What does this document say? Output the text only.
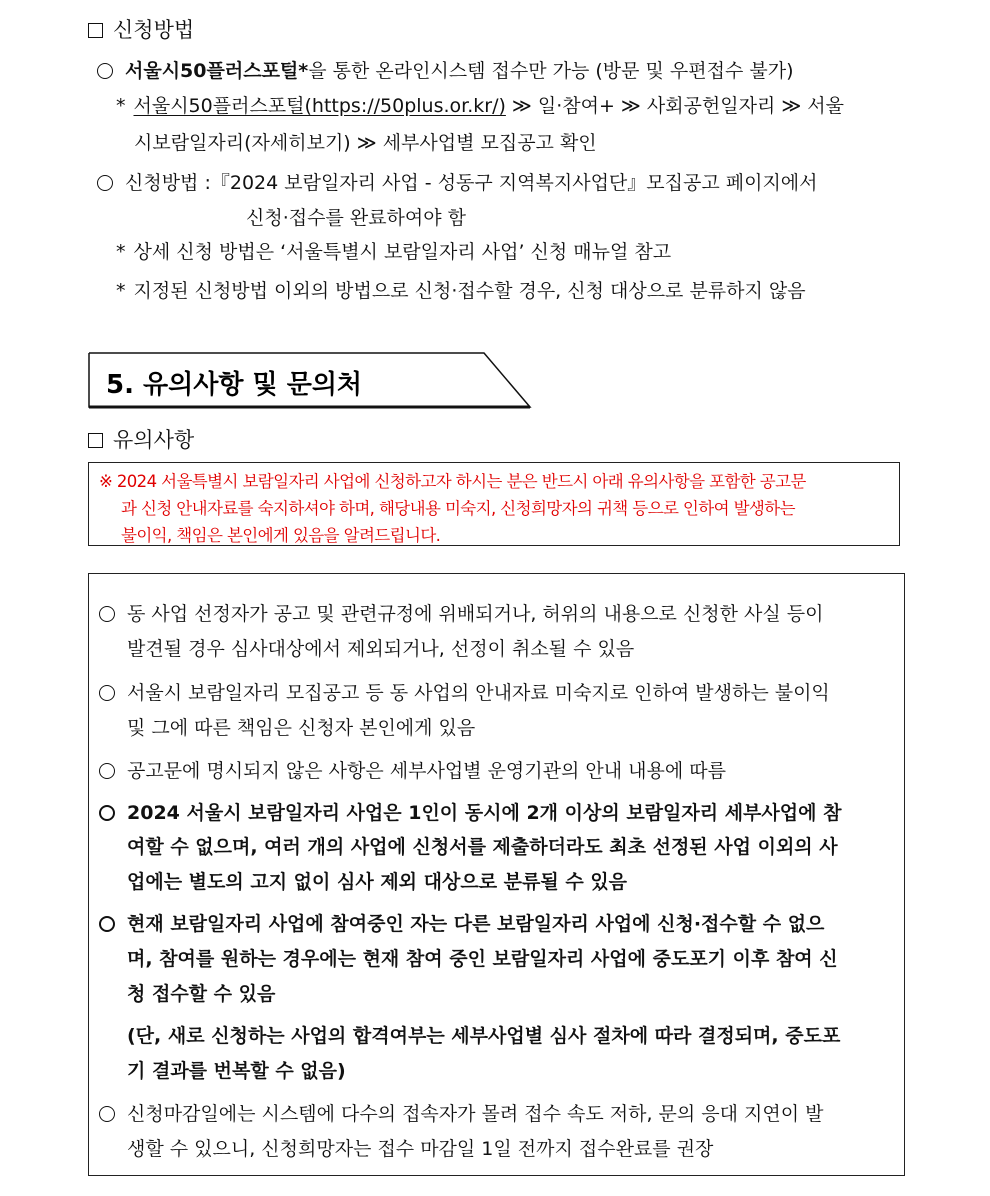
신청방법
서울시50플러스포털*을 통한 온라인시스템 접수만 가능 (방문 및 우편접수 불가)
* 서울시50플러스포털(https://50plus.or.kr/) ≫ 일·참여+ ≫ 사회공헌일자리 ≫ 서울
시보람일자리(자세히보기) ≫ 세부사업별 모집공고 확인
신청방법 :『2024 보람일자리 사업 - 성동구 지역복지사업단』모집공고 페이지에서
신청·접수를 완료하여야 함
* 상세 신청 방법은 ‘서울특별시 보람일자리 사업’ 신청 매뉴얼 참고
* 지정된 신청방법 이외의 방법으로 신청·접수할 경우, 신청 대상으로 분류하지 않음
5. 유의사항 및 문의처
유의사항
※ 2024 서울특별시 보람일자리 사업에 신청하고자 하시는 분은 반드시 아래 유의사항을 포함한 공고문
과 신청 안내자료를 숙지하셔야 하며, 해당내용 미숙지, 신청희망자의 귀책 등으로 인하여 발생하는
불이익, 책임은 본인에게 있음을 알려드립니다.
동 사업 선정자가 공고 및 관련규정에 위배되거나, 허위의 내용으로 신청한 사실 등이
발견될 경우 심사대상에서 제외되거나, 선정이 취소될 수 있음
서울시 보람일자리 모집공고 등 동 사업의 안내자료 미숙지로 인하여 발생하는 불이익
및 그에 따른 책임은 신청자 본인에게 있음
공고문에 명시되지 않은 사항은 세부사업별 운영기관의 안내 내용에 따름
2024 서울시 보람일자리 사업은 1인이 동시에 2개 이상의 보람일자리 세부사업에 참
여할 수 없으며, 여러 개의 사업에 신청서를 제출하더라도 최초 선정된 사업 이외의 사
업에는 별도의 고지 없이 심사 제외 대상으로 분류될 수 있음
현재 보람일자리 사업에 참여중인 자는 다른 보람일자리 사업에 신청·접수할 수 없으
며, 참여를 원하는 경우에는 현재 참여 중인 보람일자리 사업에 중도포기 이후 참여 신
청 접수할 수 있음
(단, 새로 신청하는 사업의 합격여부는 세부사업별 심사 절차에 따라 결정되며, 중도포
기 결과를 번복할 수 없음)
신청마감일에는 시스템에 다수의 접속자가 몰려 접수 속도 저하, 문의 응대 지연이 발
생할 수 있으니, 신청희망자는 접수 마감일 1일 전까지 접수완료를 권장
